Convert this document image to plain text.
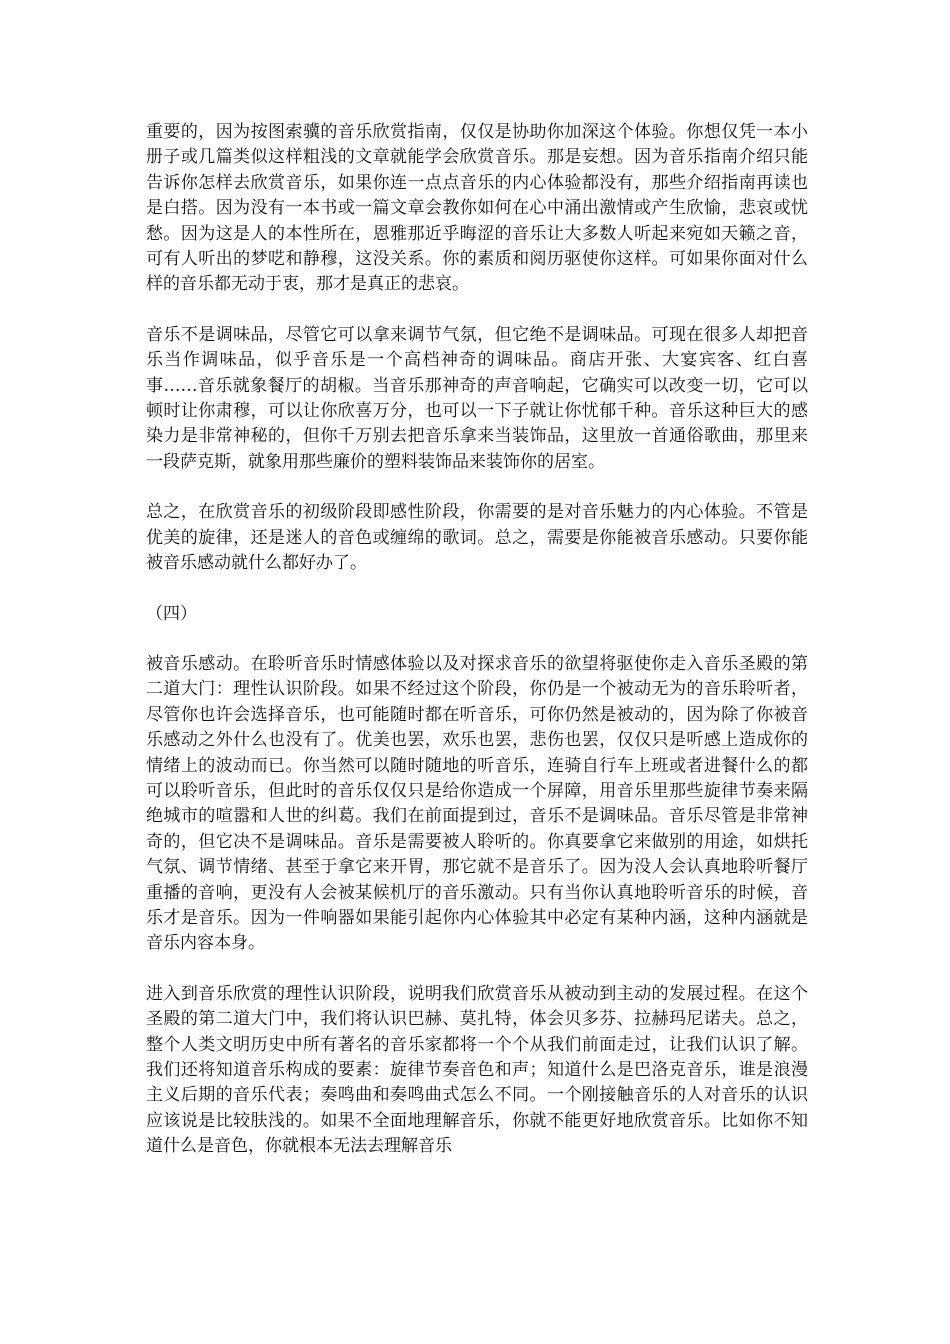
重要的，因为按图索骥的音乐欣赏指南，仅仅是协助你加深这个体验。你想仅凭一本小册子或几篇类似这样粗浅的文章就能学会欣赏音乐。那是妄想。因为音乐指南介绍只能告诉你怎样去欣赏音乐，如果你连一点点音乐的内心体验都没有，那些介绍指南再读也是白搭。因为没有一本书或一篇文章会教你如何在心中涌出激情或产生欣愉，悲哀或忧愁。因为这是人的本性所在，恩雅那近乎晦涩的音乐让大多数人听起来宛如天籁之音，可有人听出的梦呓和静穆，这没关系。你的素质和阅历驱使你这样。可如果你面对什么样的音乐都无动于衷，那才是真正的悲哀。

音乐不是调味品，尽管它可以拿来调节气氛，但它绝不是调味品。可现在很多人却把音乐当作调味品，似乎音乐是一个高档神奇的调味品。商店开张、大宴宾客、红白喜事……音乐就象餐厅的胡椒。当音乐那神奇的声音响起，它确实可以改变一切，它可以顿时让你肃穆，可以让你欣喜万分，也可以一下子就让你忧郁千种。音乐这种巨大的感染力是非常神秘的，但你千万别去把音乐拿来当装饰品，这里放一首通俗歌曲，那里来一段萨克斯，就象用那些廉价的塑料装饰品来装饰你的居室。

总之，在欣赏音乐的初级阶段即感性阶段，你需要的是对音乐魅力的内心体验。不管是优美的旋律，还是迷人的音色或缠绵的歌词。总之，需要是你能被音乐感动。只要你能被音乐感动就什么都好办了。

（四）

被音乐感动。在聆听音乐时情感体验以及对探求音乐的欲望将驱使你走入音乐圣殿的第二道大门：理性认识阶段。如果不经过这个阶段，你仍是一个被动无为的音乐聆听者，尽管你也许会选择音乐，也可能随时都在听音乐，可你仍然是被动的，因为除了你被音乐感动之外什么也没有了。优美也罢，欢乐也罢，悲伤也罢，仅仅只是听感上造成你的情绪上的波动而已。你当然可以随时随地的听音乐，连骑自行车上班或者进餐什么的都可以聆听音乐，但此时的音乐仅仅只是给你造成一个屏障，用音乐里那些旋律节奏来隔绝城市的喧嚣和人世的纠葛。我们在前面提到过，音乐不是调味品。音乐尽管是非常神奇的，但它决不是调味品。音乐是需要被人聆听的。你真要拿它来做别的用途，如烘托气氛、调节情绪、甚至于拿它来开胃，那它就不是音乐了。因为没人会认真地聆听餐厅重播的音响，更没有人会被某候机厅的音乐激动。只有当你认真地聆听音乐的时候，音乐才是音乐。因为一件响器如果能引起你内心体验其中必定有某种内涵，这种内涵就是音乐内容本身。

进入到音乐欣赏的理性认识阶段，说明我们欣赏音乐从被动到主动的发展过程。在这个圣殿的第二道大门中，我们将认识巴赫、莫扎特，体会贝多芬、拉赫玛尼诺夫。总之，整个人类文明历史中所有著名的音乐家都将一个个从我们前面走过，让我们认识了解。我们还将知道音乐构成的要素：旋律节奏音色和声；知道什么是巴洛克音乐，谁是浪漫主义后期的音乐代表；奏鸣曲和奏鸣曲式怎么不同。一个刚接触音乐的人对音乐的认识应该说是比较肤浅的。如果不全面地理解音乐，你就不能更好地欣赏音乐。比如你不知道什么是音色，你就根本无法去理解音乐
